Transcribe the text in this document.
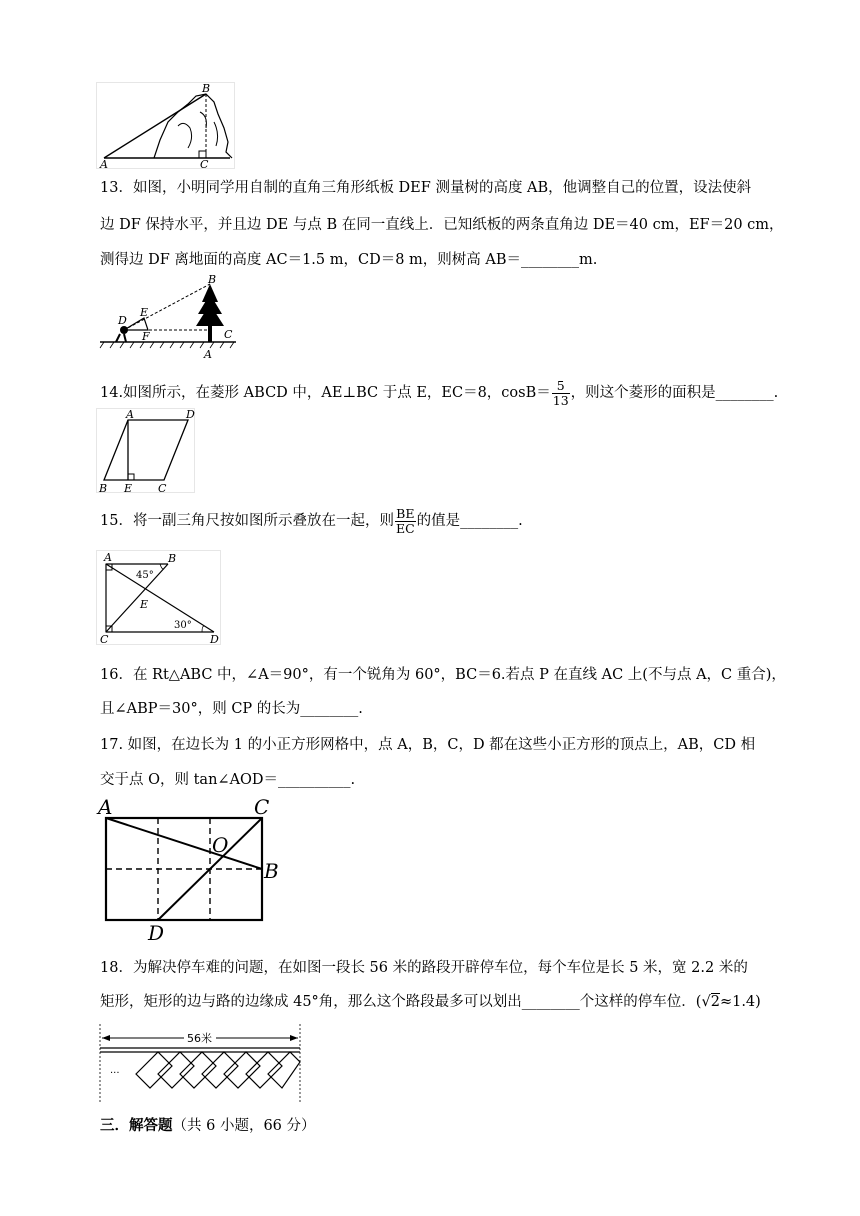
A
B
C
13．如图，小明同学用自制的直角三角形纸板 DEF 测量树的高度 AB，他调整自己的位置，设法使斜
边 DF 保持水平，并且边 DE 与点 B 在同一直线上．已知纸板的两条直角边 DE＝40 cm，EF＝20 cm，
测得边 DF 离地面的高度 AC＝1.5 m，CD＝8 m，则树高 AB＝________m.
B
E
D
F	C
A
14.如图所示，在菱形 ABCD 中，AE⊥BC 于点 E，EC＝8，$\cos B= \frac{5}{13}$ ，则这个菱形的面积是________.
A	D
B E C
15．将一副三角尺按如图所示叠放在一起，则 $\frac{BE}{EC}$ 的值是________.
A	B
45°
E
30°
C	D
16．在 Rt△ABC 中，∠A＝90°，有一个锐角为 60°，BC＝6.若点 P 在直线 AC 上(不与点 A，C 重合)，
且∠ABP＝30°，则 CP 的长为________.
17. 如图，在边长为 1 的小正方形网格中，点 A，B，C，D 都在这些小正方形的顶点上，AB，CD 相
交于点 O，则 tan∠AOD＝__________.
A	C
O
B
D
18．为解决停车难的问题，在如图一段长 56 米的路段开辟停车位，每个车位是长 5 米，宽 2.2 米的
矩形，矩形的边与路的边缘成 45°角，那么这个路段最多可以划出________个这样的停车位．(√2≈1.4)
56米
···
三．解答题（共 6 小题，66 分）
